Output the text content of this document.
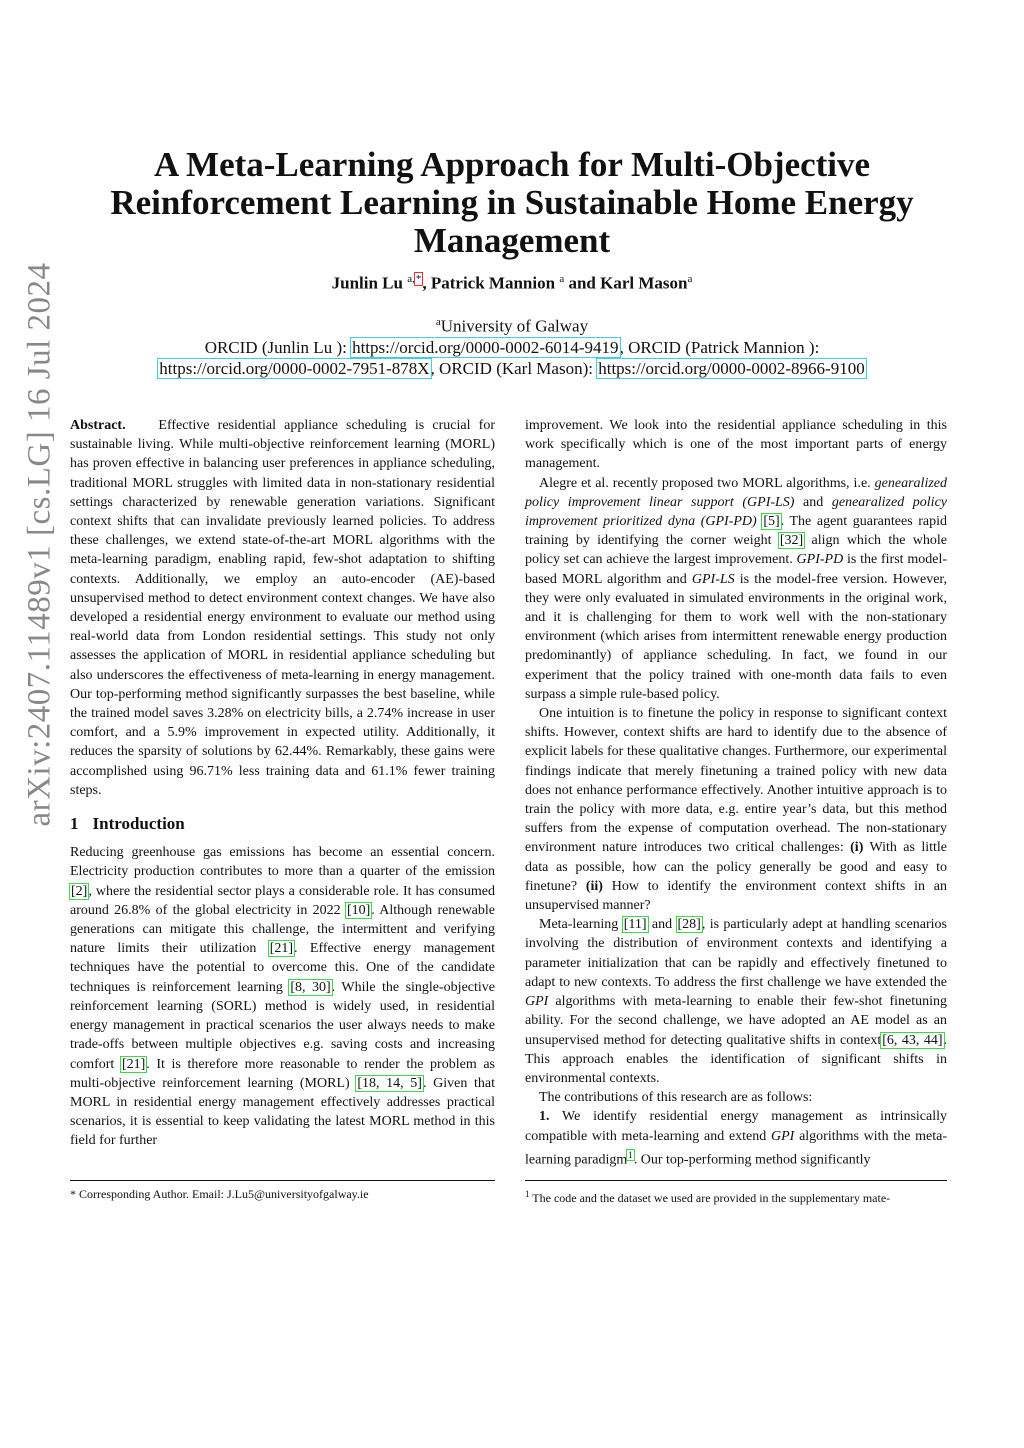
A Meta-Learning Approach for Multi-Objective Reinforcement Learning in Sustainable Home Energy Management
Junlin Lu $^{a,*}$, Patrick Mannion $^a$ and Karl Mason$^a$
$^a$University of Galway
ORCID (Junlin Lu ): https://orcid.org/0000-0002-6014-9419, ORCID (Patrick Mannion ):
https://orcid.org/0000-0002-7951-878X, ORCID (Karl Mason): https://orcid.org/0000-0002-8966-9100
arXiv:2407.11489v1 [cs.LG] 16 Jul 2024 Abstract. Effective residential appliance scheduling is crucial for sustainable living. While multi-objective reinforcement learning (MORL) has proven effective in balancing user preferences in appliance scheduling, traditional MORL struggles with limited data in non-stationary residential settings characterized by renewable generation variations. Significant context shifts that can invalidate previously learned policies. To address these challenges, we extend state-of-the-art MORL algorithms with the meta-learning paradigm, enabling rapid, few-shot adaptation to shifting contexts. Additionally, we employ an auto-encoder (AE)-based unsupervised method to detect environment context changes. We have also developed a residential energy environment to evaluate our method using real-world data from London residential settings. This study not only assesses the application of MORL in residential appliance scheduling but also underscores the effectiveness of meta-learning in energy management. Our top-performing method significantly surpasses the best baseline, while the trained model saves 3.28% on electricity bills, a 2.74% increase in user comfort, and a 5.9% improvement in expected utility. Additionally, it reduces the sparsity of solutions by 62.44%. Remarkably, these gains were accomplished using 96.71% less training data and 61.1% fewer training steps.

1 Introduction

Reducing greenhouse gas emissions has become an essential concern. Electricity production contributes to more than a quarter of the emission [2], where the residential sector plays a considerable role. It has consumed around 26.8% of the global electricity in 2022 [10]. Although renewable generations can mitigate this challenge, the intermittent and verifying nature limits their utilization [21]. Effective energy management techniques have the potential to overcome this. One of the candidate techniques is reinforcement learning [8, 30]. While the single-objective reinforcement learning (SORL) method is widely used, in residential energy management in practical scenarios the user always needs to make trade-offs between multiple objectives e.g. saving costs and increasing comfort [21]. It is therefore more reasonable to render the problem as multi-objective reinforcement learning (MORL) [18, 14, 5]. Given that MORL in residential energy management effectively addresses practical scenarios, it is essential to keep validating the latest MORL method in this field for further

* Corresponding Author. Email: J.Lu5@universityofgalway.ie

improvement. We look into the residential appliance scheduling in this work specifically which is one of the most important parts of energy management.

Alegre et al. recently proposed two MORL algorithms, i.e. genearalized policy improvement linear support (GPI-LS) and genearalized policy improvement prioritized dyna (GPI-PD) [5]. The agent guarantees rapid training by identifying the corner weight [32] align which the whole policy set can achieve the largest improvement. GPI-PD is the first model-based MORL algorithm and GPI-LS is the model-free version. However, they were only evaluated in simulated environments in the original work, and it is challenging for them to work well with the non-stationary environment (which arises from intermittent renewable energy production predominantly) of appliance scheduling. In fact, we found in our experiment that the policy trained with one-month data fails to even surpass a simple rule-based policy.

One intuition is to finetune the policy in response to significant context shifts. However, context shifts are hard to identify due to the absence of explicit labels for these qualitative changes. Furthermore, our experimental findings indicate that merely finetuning a trained policy with new data does not enhance performance effectively. Another intuitive approach is to train the policy with more data, e.g. entire year’s data, but this method suffers from the expense of computation overhead. The non-stationary environment nature introduces two critical challenges: (i) With as little data as possible, how can the policy generally be good and easy to finetune? (ii) How to identify the environment context shifts in an unsupervised manner?

Meta-learning [11] and [28], is particularly adept at handling scenarios involving the distribution of environment contexts and identifying a parameter initialization that can be rapidly and effectively finetuned to adapt to new contexts. To address the first challenge we have extended the GPI algorithms with meta-learning to enable their few-shot finetuning ability. For the second challenge, we have adopted an AE model as an unsupervised method for detecting qualitative shifts in context[6, 43, 44]. This approach enables the identification of significant shifts in environmental contexts.

The contributions of this research are as follows:

1. We identify residential energy management as intrinsically compatible with meta-learning and extend GPI algorithms with the meta-learning paradigm$^1$. Our top-performing method significantly

$^1$ The code and the dataset we used are provided in the supplementary mate-
